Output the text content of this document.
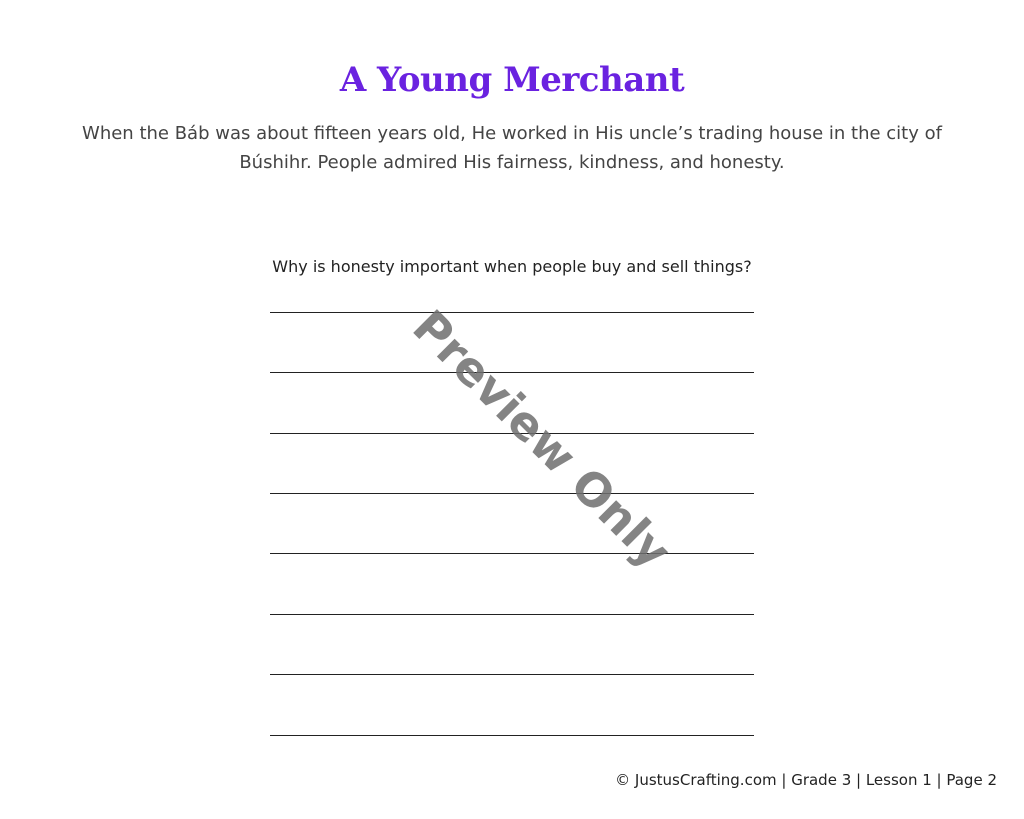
A Young Merchant

When the Báb was about fifteen years old, He worked in His uncle’s trading house in the city of Búshihr. People admired His fairness, kindness, and honesty.

Why is honesty important when people buy and sell things?

Preview Only
© JustusCrafting.com | Grade 3 | Lesson 1 | Page 2
